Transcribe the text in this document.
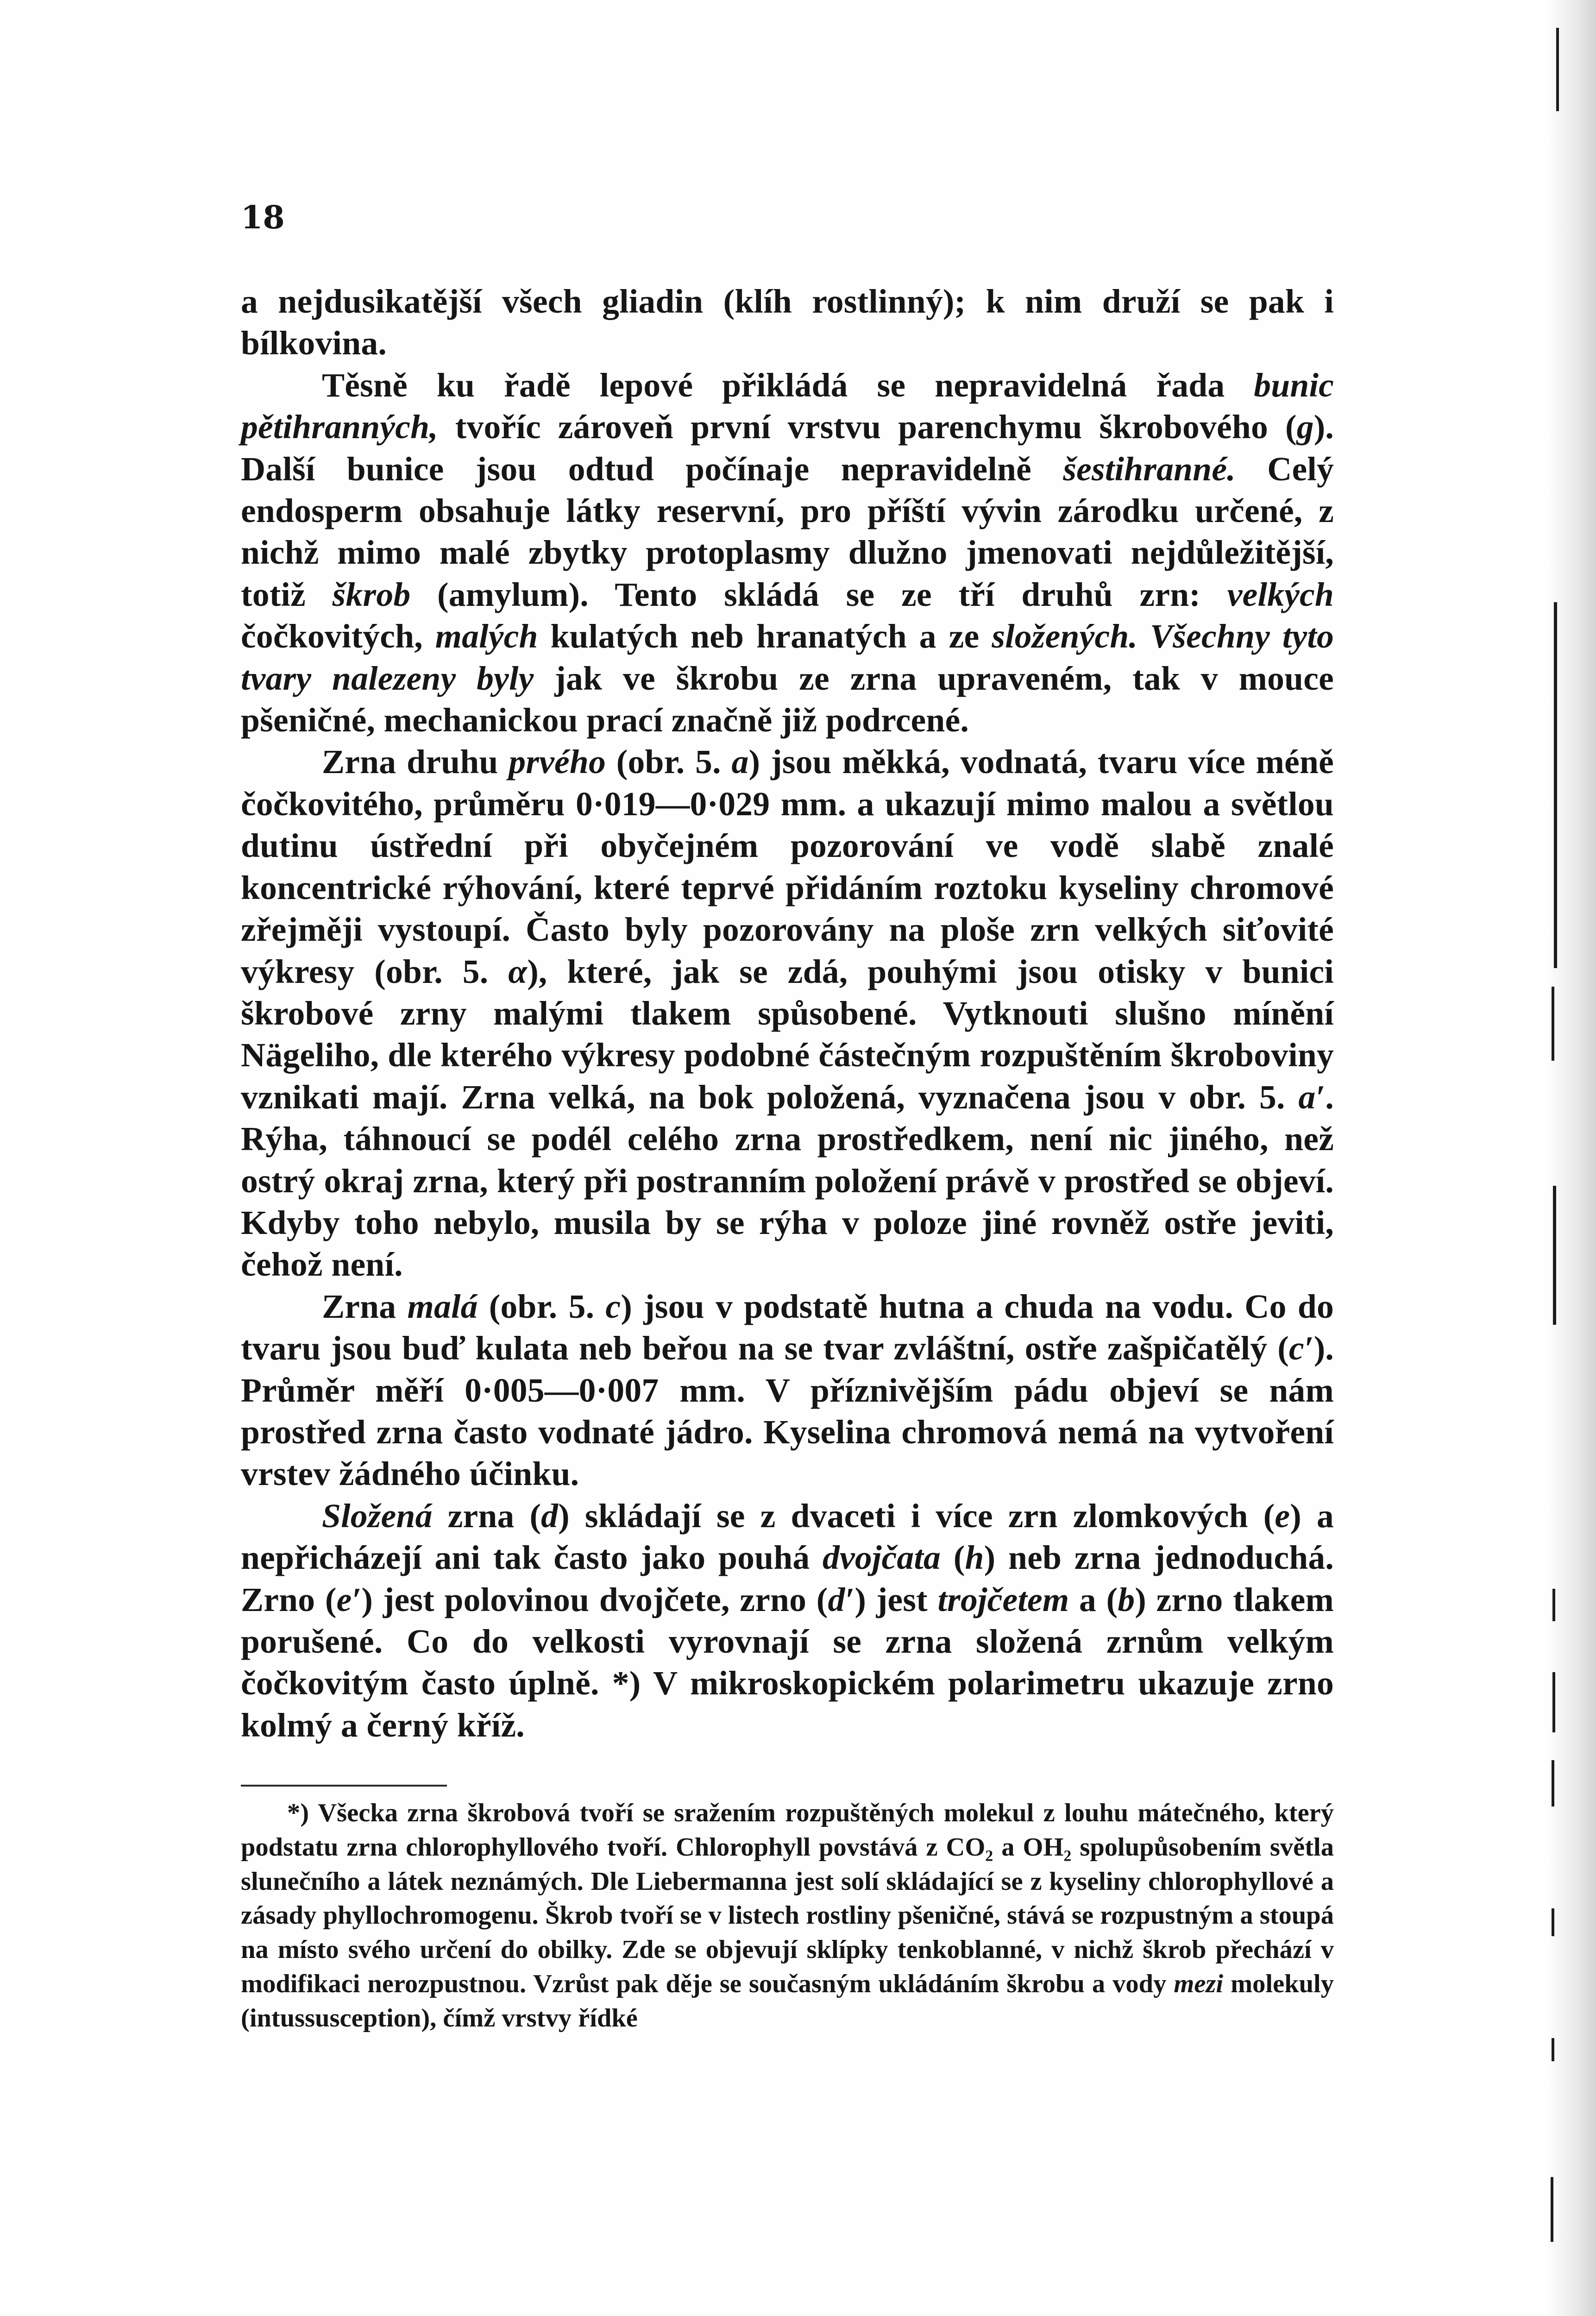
18

a nejdusikatější všech gliadin (klíh rostlinný); k nim druží se pak i bílkovina.

Těsně ku řadě lepové přikládá se nepravidelná řada bunic pětihranných, tvoříc zároveň první vrstvu parenchymu škrobového (g). Další bunice jsou odtud počínaje nepravidelně šestihranné. Celý endosperm obsahuje látky reservní, pro příští vývin zárodku určené, z nichž mimo malé zbytky protoplasmy dlužno jmenovati nejdůležitější, totiž škrob (amylum). Tento skládá se ze tří druhů zrn: velkých čočkovitých, malých kulatých neb hranatých a ze složených. Všechny tyto tvary nalezeny byly jak ve škrobu ze zrna upraveném, tak v mouce pšeničné, mechanickou prací značně již podrcené.

Zrna druhu prvého (obr. 5. a) jsou měkká, vodnatá, tvaru více méně čočkovitého, průměru 0·019—0·029 mm. a ukazují mimo malou a světlou dutinu ústřední při obyčejném pozorování ve vodě slabě znalé koncentrické rýhování, které teprvé přidáním roztoku kyseliny chromové zřejměji vystoupí. Často byly pozorovány na ploše zrn velkých siťovité výkresy (obr. 5. α), které, jak se zdá, pouhými jsou otisky v bunici škrobové zrny malými tlakem spůsobené. Vytknouti slušno mínění Nägeliho, dle kterého výkresy podobné částečným rozpuštěním škroboviny vznikati mají. Zrna velká, na bok položená, vyznačena jsou v obr. 5. a′. Rýha, táhnoucí se podél celého zrna prostředkem, není nic jiného, než ostrý okraj zrna, který při postranním položení právě v prostřed se objeví. Kdyby toho nebylo, musila by se rýha v poloze jiné rovněž ostře jeviti, čehož není.

Zrna malá (obr. 5. c) jsou v podstatě hutna a chuda na vodu. Co do tvaru jsou buď kulata neb beřou na se tvar zvláštní, ostře zašpičatělý (c′). Průměr měří 0·005—0·007 mm. V příznivějším pádu objeví se nám prostřed zrna často vodnaté jádro. Kyselina chromová nemá na vytvoření vrstev žádného účinku.

Složená zrna (d) skládají se z dvaceti i více zrn zlomkových (e) a nepřicházejí ani tak často jako pouhá dvojčata (h) neb zrna jednoduchá. Zrno (e′) jest polovinou dvojčete, zrno (d′) jest trojčetem a (b) zrno tlakem porušené. Co do velkosti vyrovnají se zrna složená zrnům velkým čočkovitým často úplně. *) V mikroskopickém polarimetru ukazuje zrno kolmý a černý kříž.

*) Všecka zrna škrobová tvoří se sražením rozpuštěných molekul z louhu mátečného, který podstatu zrna chlorophyllového tvoří. Chlorophyll povstává z CO₂ a OH₂ spolupůsobením světla slunečního a látek neznámých. Dle Liebermanna jest solí skládající se z kyseliny chlorophyllové a zásady phyllochromogenu. Škrob tvoří se v listech rostliny pšeničné, stává se rozpustným a stoupá na místo svého určení do obilky. Zde se objevují sklípky tenkoblanné, v nichž škrob přechází v modifikaci nerozpustnou. Vzrůst pak děje se současným ukládáním škrobu a vody mezi molekuly (intussusception), čímž vrstvy řídké
